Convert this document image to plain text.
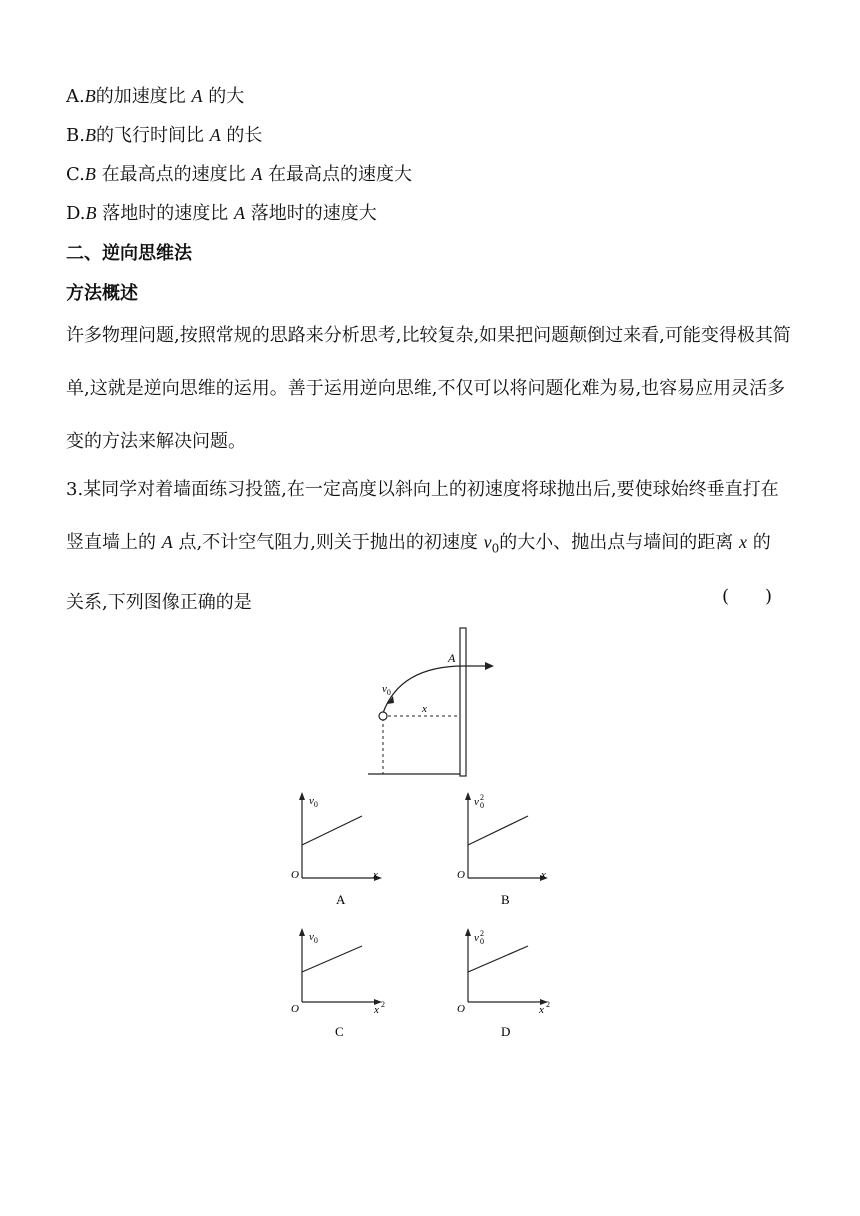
A.B的加速度比 A 的大
B.B的飞行时间比 A 的长
C.B 在最高点的速度比 A 在最高点的速度大
D.B 落地时的速度比 A 落地时的速度大
二、逆向思维法
方法概述
许多物理问题,按照常规的思路来分析思考,比较复杂,如果把问题颠倒过来看,可能变得极其简单,这就是逆向思维的运用。善于运用逆向思维,不仅可以将问题化难为易,也容易应用灵活多变的方法来解决问题。
3.某同学对着墙面练习投篮,在一定高度以斜向上的初速度将球抛出后,要使球始终垂直打在竖直墙上的 A 点,不计空气阻力,则关于抛出的初速度 $v_0$的大小、抛出点与墙间的距离 x 的关系,下列图像正确的是	(　　)
A
$v_0$
x
$v_0$
O	x
A
v 2
0
O	x
B
$v_0$
O	x 2
C
v 2
0
O	x 2
D
